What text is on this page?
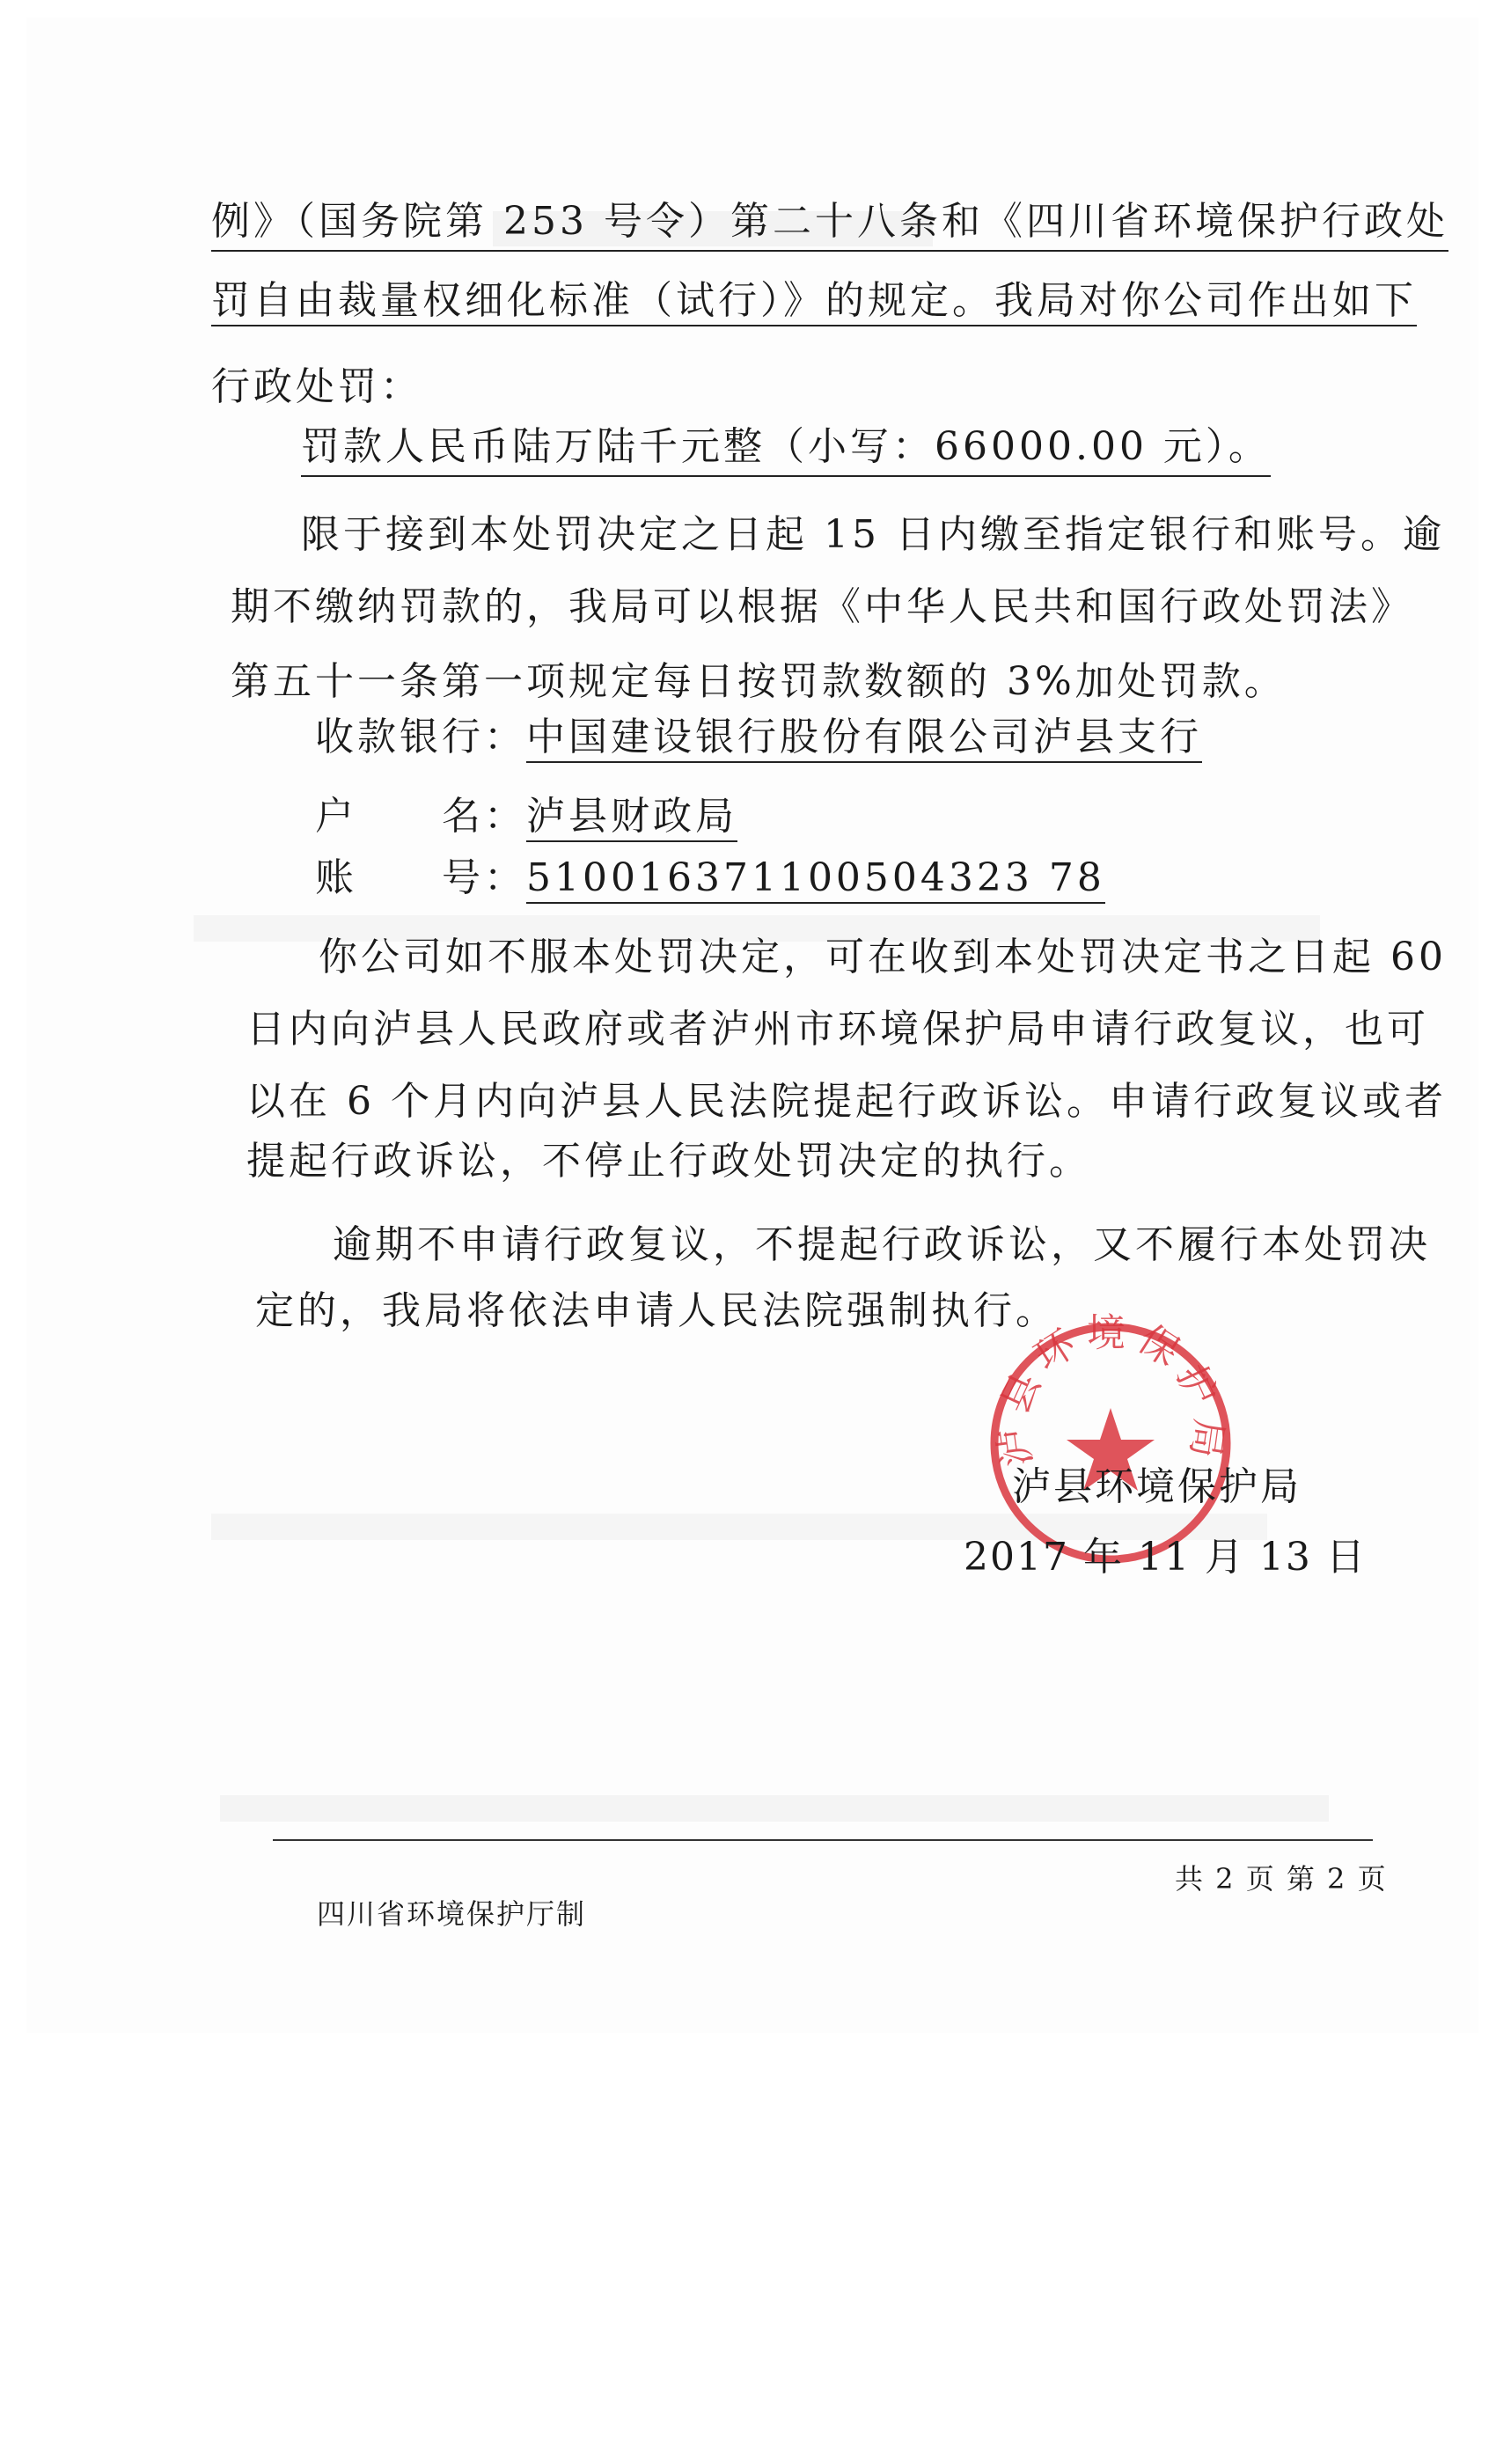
例》（国务院第 253 号令）第二十八条和《四川省环境保护行政处
罚自由裁量权细化标准（试行）》的规定。我局对你公司作出如下
行政处罚：
罚款人民币陆万陆千元整（小写：66000.00 元）。
限于接到本处罚决定之日起 15 日内缴至指定银行和账号。逾
期不缴纳罚款的，我局可以根据《中华人民共和国行政处罚法》
第五十一条第一项规定每日按罚款数额的 3%加处罚款。
收款银行：中国建设银行股份有限公司泸县支行
户　　名：泸县财政局
账　　号：510016371100504323 78
你公司如不服本处罚决定，可在收到本处罚决定书之日起 60
日内向泸县人民政府或者泸州市环境保护局申请行政复议，也可
以在 6 个月内向泸县人民法院提起行政诉讼。申请行政复议或者
提起行政诉讼，不停止行政处罚决定的执行。
逾期不申请行政复议，不提起行政诉讼，又不履行本处罚决
定的，我局将依法申请人民法院强制执行。
泸县环境保护局
泸县环境保护局
2017 年 11 月 13 日
共 2 页 第 2 页
四川省环境保护厅制
